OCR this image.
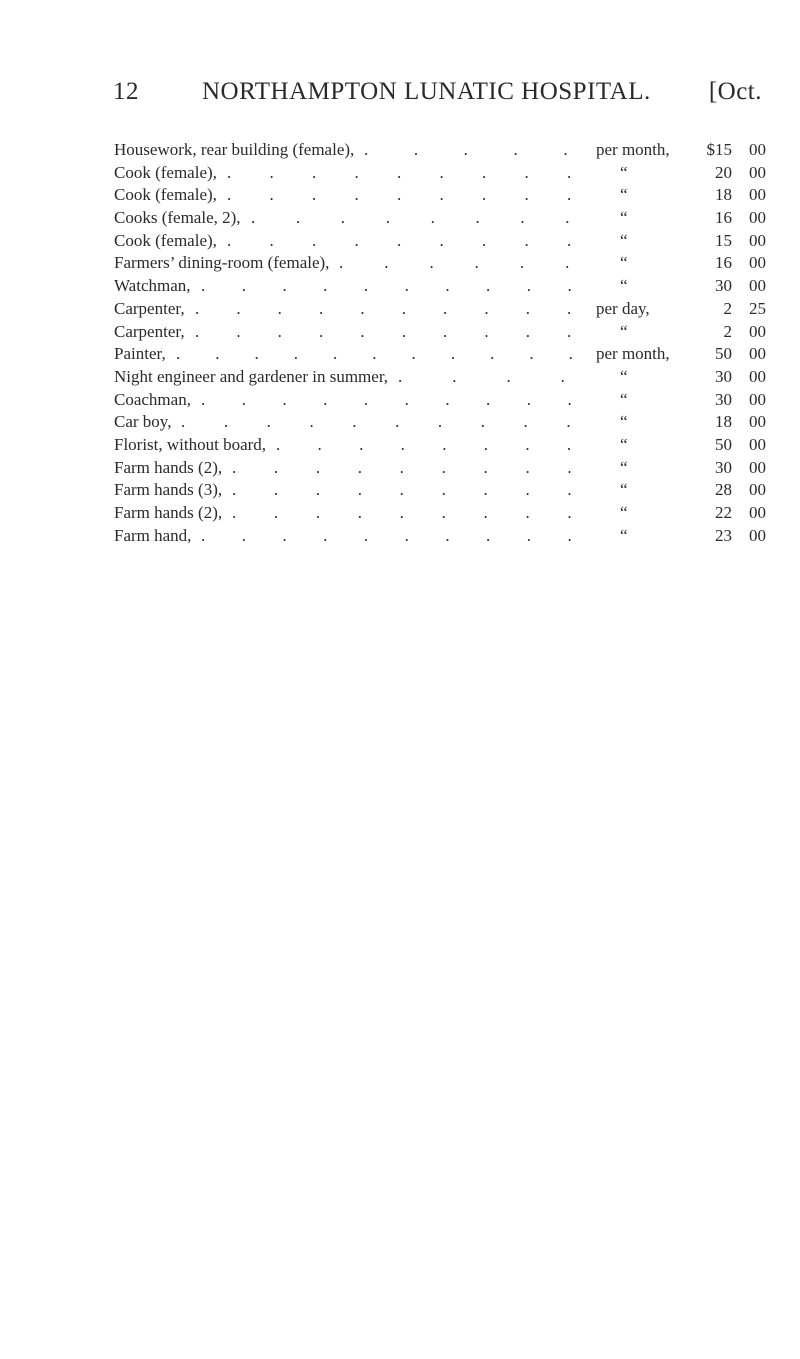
12	NORTHAMPTON LUNATIC HOSPITAL. [Oct.
Housework, rear building (female), . . . . . per month, $15	00
Cook (female), . . . . . . . . . “	20	00
Cook (female), . . . . . . . . . “	18	00
Cooks (female, 2), . . . . . . . . “	16	00
Cook (female), . . . . . . . . . “	15	00
Farmers’ dining-room (female), . . . . . . “	16	00
Watchman, . . . . . . . . . . “	30	00
Carpenter, . . . . . . . . . . per day,	2	25
Carpenter, . . . . . . . . . . “	2	00
Painter, . . . . . . . . . . . per month,	50	00
Night engineer and gardener in summer, . . . . “	30	00
Coachman, . . . . . . . . . . “	30	00
Car boy, . . . . . . . . . . “	18	00
Florist, without board, . . . . . . . . “	50	00
Farm hands (2), . . . . . . . . . “	30	00
Farm hands (3), . . . . . . . . . “	28	00
Farm hands (2), . . . . . . . . . “	22	00
Farm hand, . . . . . . . . . . “	23	00
